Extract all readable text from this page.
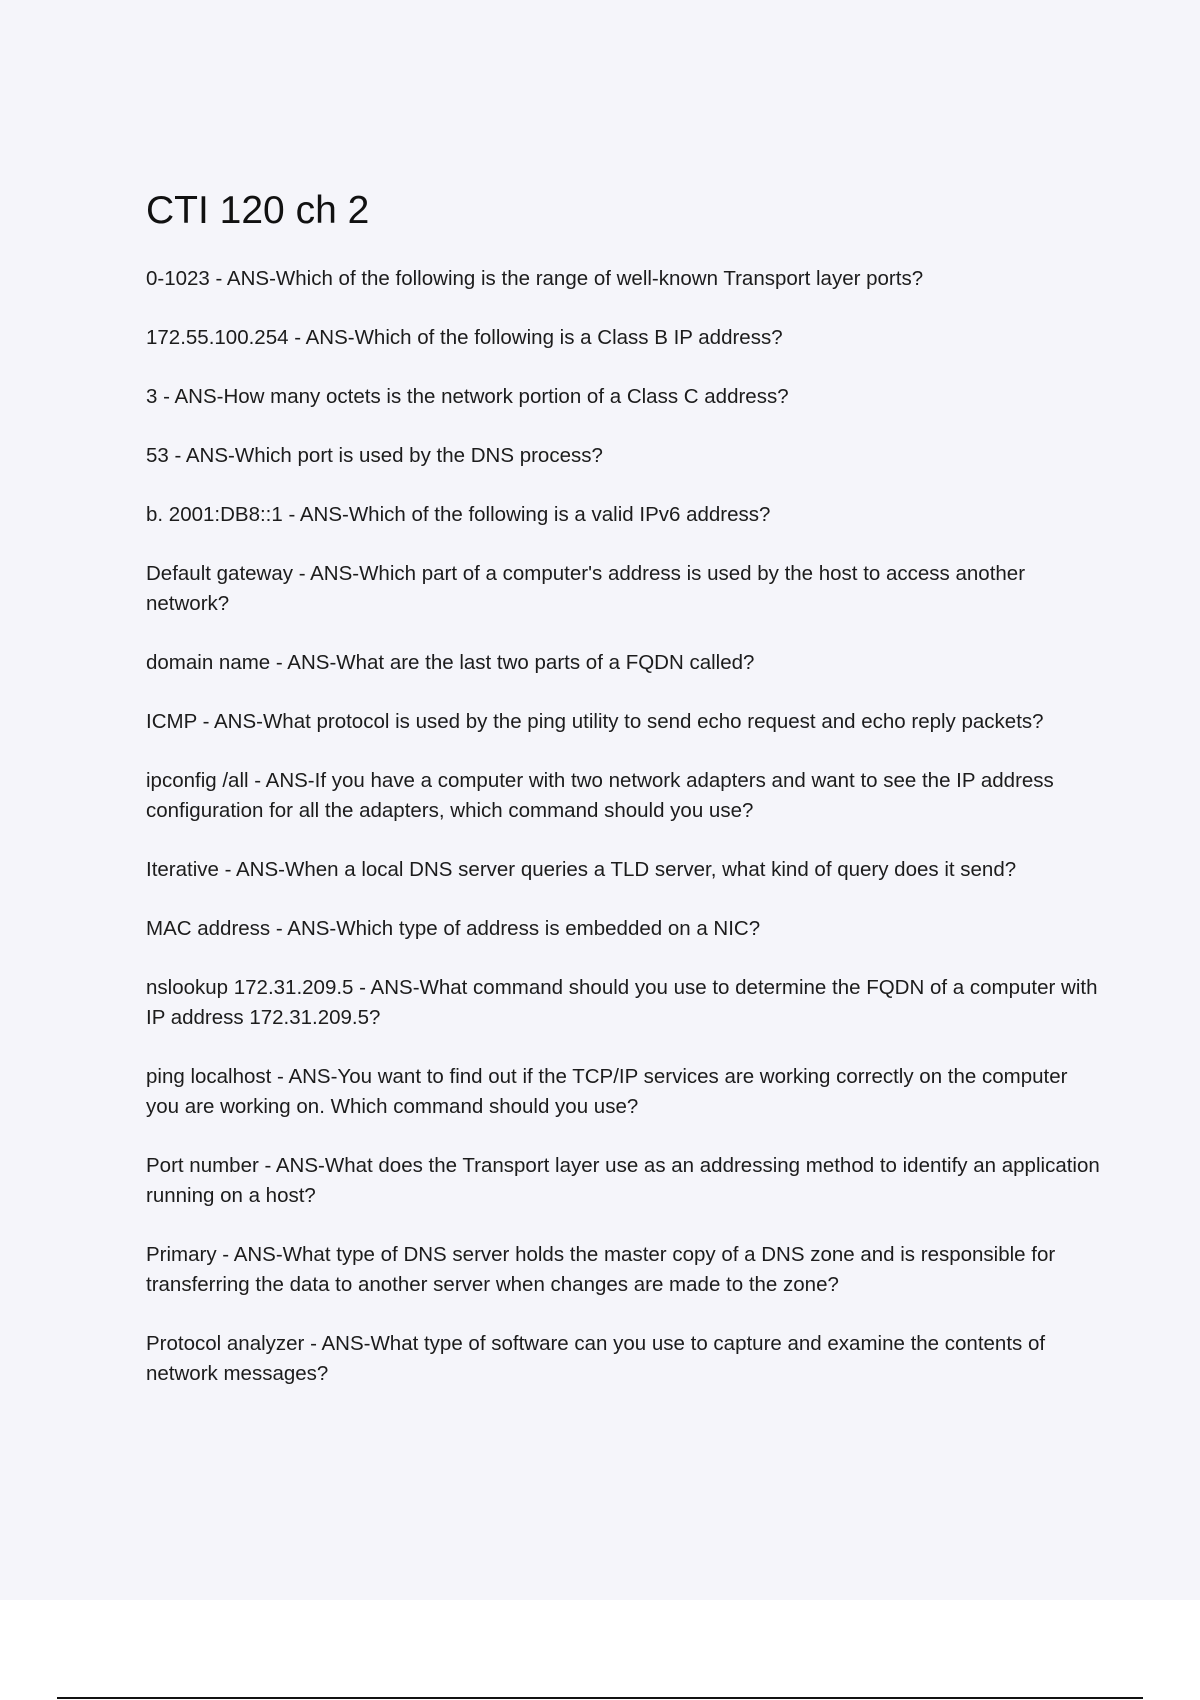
CTI 120 ch 2
0-1023 - ANS-Which of the following is the range of well-known Transport layer ports?
172.55.100.254 - ANS-Which of the following is a Class B IP address?
3 - ANS-How many octets is the network portion of a Class C address?
53 - ANS-Which port is used by the DNS process?
b. 2001:DB8::1 - ANS-Which of the following is a valid IPv6 address?
Default gateway - ANS-Which part of a computer's address is used by the host to access another network?
domain name - ANS-What are the last two parts of a FQDN called?
ICMP - ANS-What protocol is used by the ping utility to send echo request and echo reply packets?
ipconfig /all - ANS-If you have a computer with two network adapters and want to see the IP address configuration for all the adapters, which command should you use?
Iterative - ANS-When a local DNS server queries a TLD server, what kind of query does it send?
MAC address - ANS-Which type of address is embedded on a NIC?
nslookup 172.31.209.5 - ANS-What command should you use to determine the FQDN of a computer with IP address 172.31.209.5?
ping localhost - ANS-You want to find out if the TCP/IP services are working correctly on the computer you are working on. Which command should you use?
Port number - ANS-What does the Transport layer use as an addressing method to identify an application running on a host?
Primary - ANS-What type of DNS server holds the master copy of a DNS zone and is responsible for transferring the data to another server when changes are made to the zone?
Protocol analyzer - ANS-What type of software can you use to capture and examine the contents of network messages?
